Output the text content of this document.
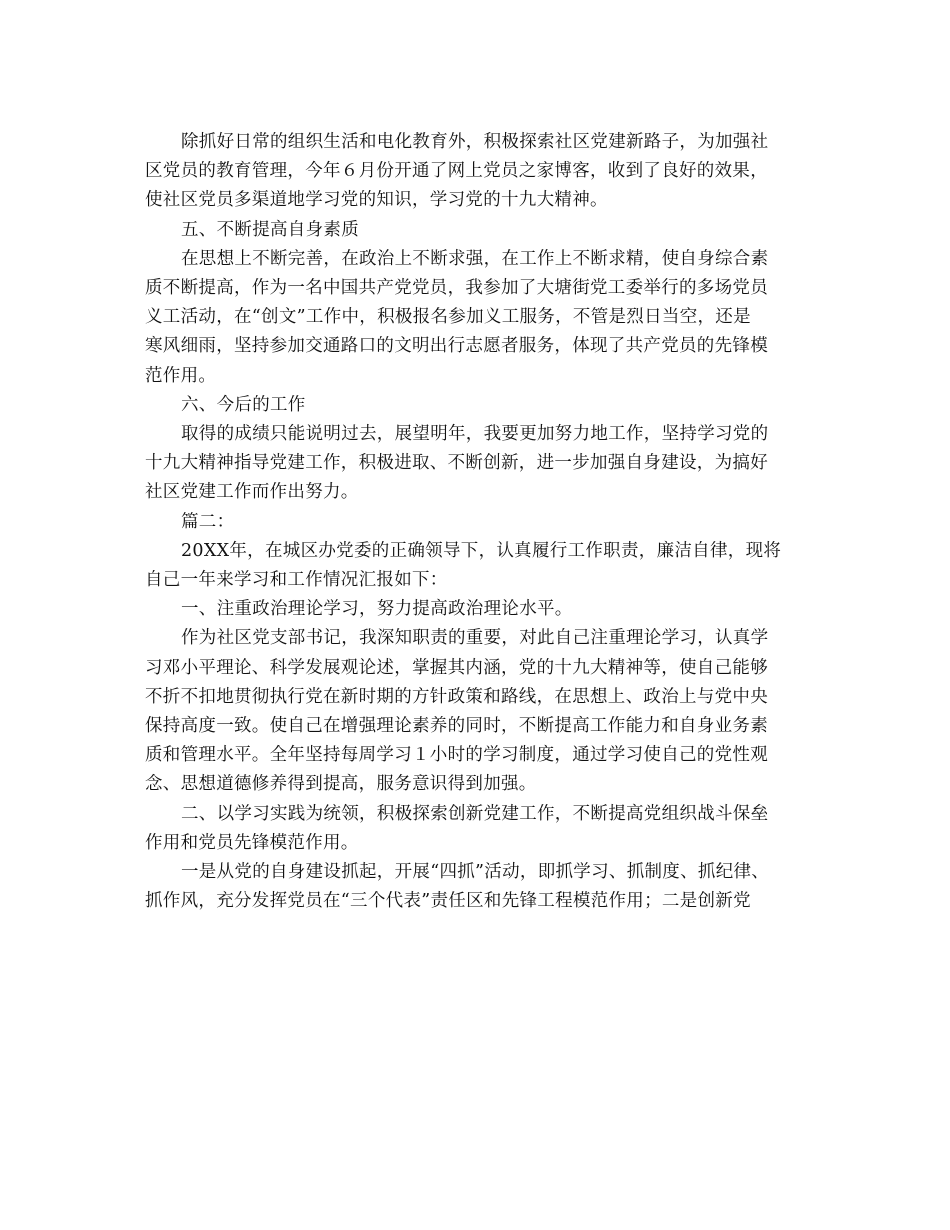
除抓好日常的组织生活和电化教育外，积极探索社区党建新路子，为加强社
区党员的教育管理，今年６月份开通了网上党员之家博客，收到了良好的效果，
使社区党员多渠道地学习党的知识，学习党的十九大精神。

五、不断提高自身素质

在思想上不断完善，在政治上不断求强，在工作上不断求精，使自身综合素
质不断提高，作为一名中国共产党党员，我参加了大塘街党工委举行的多场党员
义工活动，在“创文”工作中，积极报名参加义工服务，不管是烈日当空，还是
寒风细雨，坚持参加交通路口的文明出行志愿者服务，体现了共产党员的先锋模
范作用。

六、今后的工作

取得的成绩只能说明过去，展望明年，我要更加努力地工作，坚持学习党的
十九大精神指导党建工作，积极进取、不断创新，进一步加强自身建设，为搞好
社区党建工作而作出努力。

篇二：

20XX年，在城区办党委的正确领导下，认真履行工作职责，廉洁自律，现将
自己一年来学习和工作情况汇报如下：

一、注重政治理论学习，努力提高政治理论水平。

作为社区党支部书记，我深知职责的重要，对此自己注重理论学习，认真学
习邓小平理论、科学发展观论述，掌握其内涵，党的十九大精神等，使自己能够
不折不扣地贯彻执行党在新时期的方针政策和路线，在思想上、政治上与党中央
保持高度一致。使自己在增强理论素养的同时，不断提高工作能力和自身业务素
质和管理水平。全年坚持每周学习１小时的学习制度，通过学习使自己的党性观
念、思想道德修养得到提高，服务意识得到加强。
二、以学习实践为统领，积极探索创新党建工作，不断提高党组织战斗保垒
作用和党员先锋模范作用。
一是从党的自身建设抓起，开展“四抓”活动，即抓学习、抓制度、抓纪律、
抓作风，充分发挥党员在“三个代表”责任区和先锋工程模范作用；二是创新党
